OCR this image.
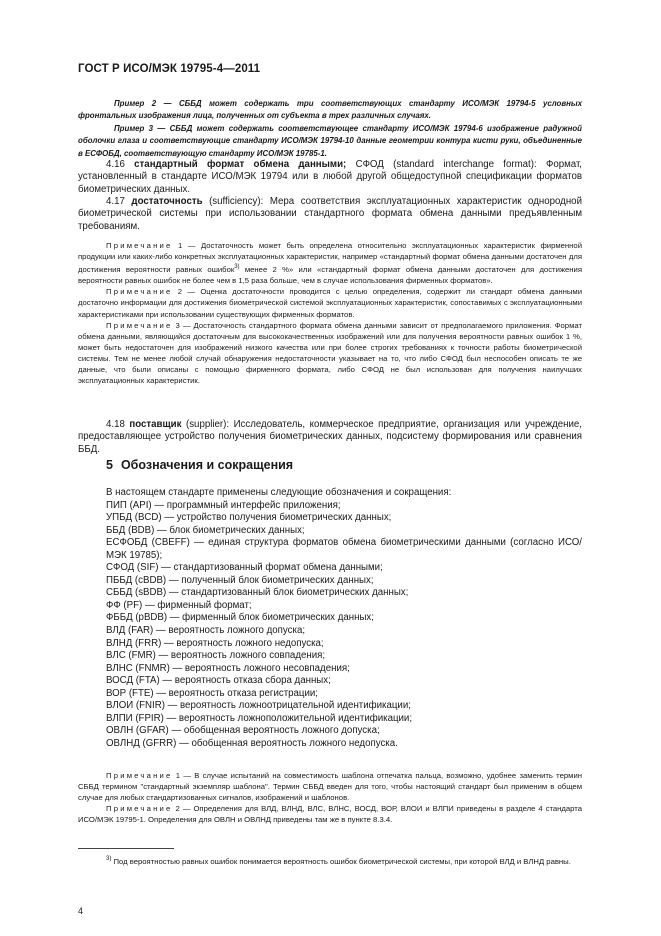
ГОСТ Р ИСО/МЭК 19795-4—2011

Пример 2 — СББД может содержать три соответствующих стандарту ИСО/МЭК 19794-5 условных фронтальных изображения лица, полученных от субъекта в трех различных случаях.

Пример 3 — СББД может содержать соответствующее стандарту ИСО/МЭК 19794-6 изображение радужной оболочки глаза и соответствующие стандарту ИСО/МЭК 19794-10 данные геометрии контура кисти руки, объединенные в ЕСФОБД, соответствующую стандарту ИСО/МЭК 19785-1.

4.16 стандартный формат обмена данными; СФОД (standard interchange format): Формат, установленный в стандарте ИСО/МЭК 19794 или в любой другой общедоступной спецификации форматов биометрических данных.

4.17 достаточность (sufficiency): Мера соответствия эксплуатационных характеристик однородной биометрической системы при использовании стандартного формата обмена данными предъявленным требованиям.

Примечание 1 — Достаточность может быть определена относительно эксплуатационных характеристик фирменной продукции или каких-либо конкретных эксплуатационных характеристик, например «стандартный формат обмена данными достаточен для достижения вероятности равных ошибок$^{3)}$ менее 2 %» или «стандартный формат обмена данными достаточен для достижения вероятности равных ошибок не более чем в 1,5 раза больше, чем в случае использования фирменных форматов».

Примечание 2 — Оценка достаточности проводится с целью определения, содержит ли стандарт обмена данными достаточно информации для достижения биометрической системой эксплуатационных характеристик, сопоставимых с эксплуатационными характеристиками при использовании существующих фирменных форматов.

Примечание 3 — Достаточность стандартного формата обмена данными зависит от предполагаемого приложения. Формат обмена данными, являющийся достаточным для высококачественных изображений или для получения вероятности равных ошибок 1 %, может быть недостаточен для изображений низкого качества или при более строгих требованиях к точности работы биометрической системы. Тем не менее любой случай обнаружения недостаточности указывает на то, что либо СФОД был неспособен описать те же данные, что были описаны с помощью фирменного формата, либо СФОД не был использован для получения наилучших эксплуатационных характеристик.

4.18 поставщик (supplier): Исследователь, коммерческое предприятие, организация или учреждение, предоставляющее устройство получения биометрических данных, подсистему формирования или сравнения ББД.

5 Обозначения и сокращения
В настоящем стандарте применены следующие обозначения и сокращения:
ПИП (API) — программный интерфейс приложения;
УПБД (BCD) — устройство получения биометрических данных;
ББД (BDB) — блок биометрических данных;
ЕСФОБД (CBEFF) — единая структура форматов обмена биометрическими данными (согласно ИСО/МЭК 19785);
СФОД (SIF) — стандартизованный формат обмена данными;
ПББД (cBDB) — полученный блок биометрических данных;
СББД (sBDB) — стандартизованный блок биометрических данных;
ФФ (PF) — фирменный формат;
ФББД (pBDB) — фирменный блок биометрических данных;
ВЛД (FAR) — вероятность ложного допуска;
ВЛНД (FRR) — вероятность ложного недопуска;
ВЛС (FMR) — вероятность ложного совпадения;
ВЛНС (FNMR) — вероятность ложного несовпадения;
ВОСД (FTA) — вероятность отказа сбора данных;
ВОР (FTE) — вероятность отказа регистрации;
ВЛОИ (FNIR) — вероятность ложноотрицательной идентификации;
ВЛПИ (FPIR) — вероятность ложноположительной идентификации;
ОВЛН (GFAR) — обобщенная вероятность ложного допуска;
ОВЛНД (GFRR) — обобщенная вероятность ложного недопуска.

Примечание 1 — В случае испытаний на совместимость шаблона отпечатка пальца, возможно, удобнее заменить термин СББД термином "стандартный экземпляр шаблона". Термин СББД введен для того, чтобы настоящий стандарт был применим в общем случае для любых стандартизованных сигналов, изображений и шаблонов.

Примечание 2 — Определения для ВЛД, ВЛНД, ВЛС, ВЛНС, ВОСД, ВОР, ВЛОИ и ВЛПИ приведены в разделе 4 стандарта ИСО/МЭК 19795-1. Определения для ОВЛН и ОВЛНД приведены там же в пункте 8.3.4.

$^{3)}$ Под вероятностью равных ошибок понимается вероятность ошибок биометрической системы, при которой ВЛД и ВЛНД равны.

4
